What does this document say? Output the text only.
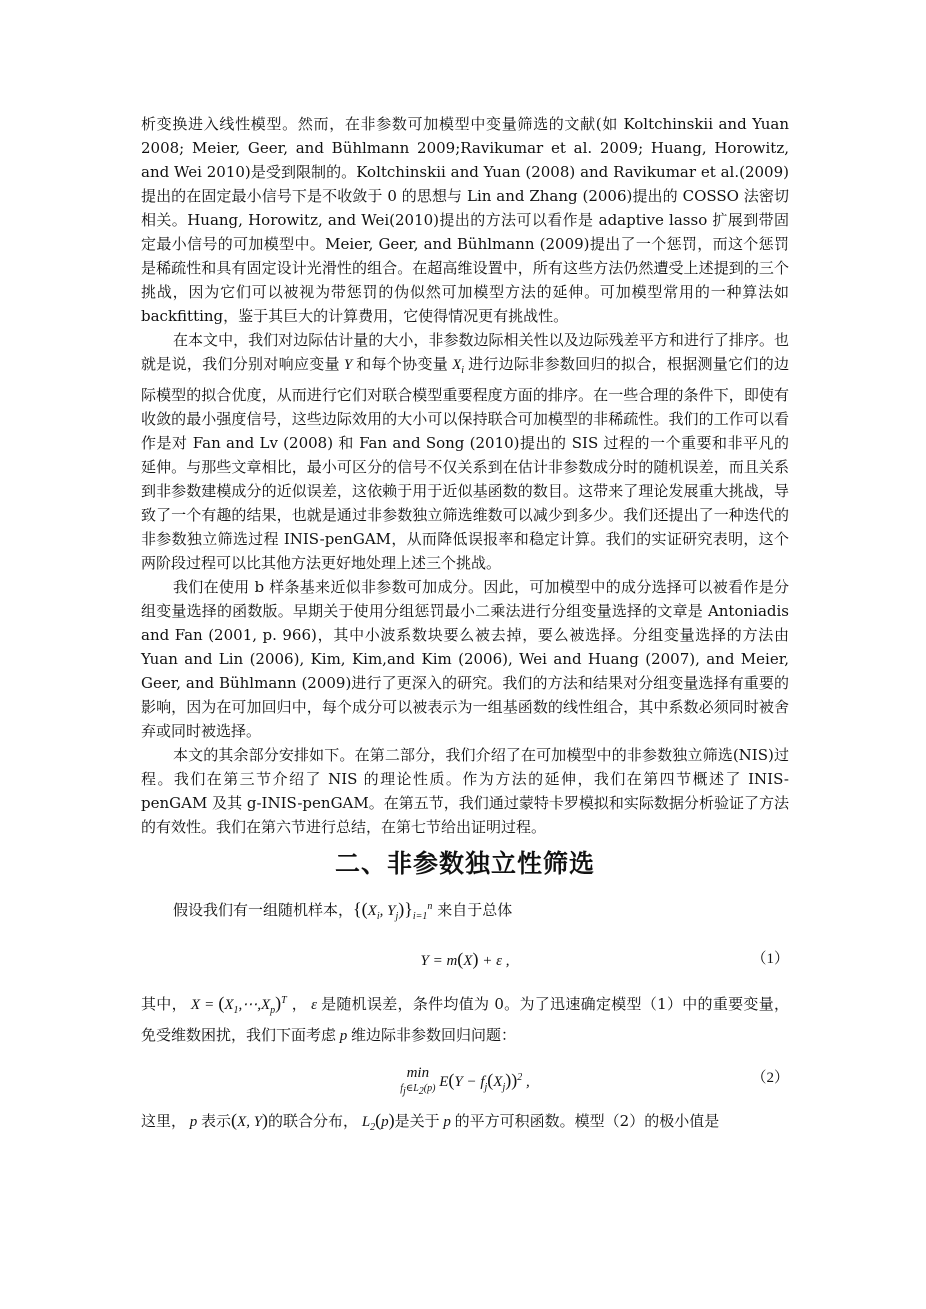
析变换进入线性模型。然而，在非参数可加模型中变量筛选的文献(如 Koltchinskii and Yuan 2008; Meier, Geer, and Bühlmann 2009;Ravikumar et al. 2009; Huang, Horowitz, and Wei 2010)是受到限制的。Koltchinskii and Yuan (2008) and Ravikumar et al.(2009)提出的在固定最小信号下是不收敛于 0 的思想与 Lin and Zhang (2006)提出的 COSSO 法密切相关。Huang, Horowitz, and Wei(2010)提出的方法可以看作是 adaptive lasso 扩展到带固定最小信号的可加模型中。Meier, Geer, and Bühlmann (2009)提出了一个惩罚，而这个惩罚是稀疏性和具有固定设计光滑性的组合。在超高维设置中，所有这些方法仍然遭受上述提到的三个挑战，因为它们可以被视为带惩罚的伪似然可加模型方法的延伸。可加模型常用的一种算法如 backfitting，鉴于其巨大的计算费用，它使得情况更有挑战性。

在本文中，我们对边际估计量的大小，非参数边际相关性以及边际残差平方和进行了排序。也就是说，我们分别对响应变量 Y 和每个协变量 $X_i$ 进行边际非参数回归的拟合，根据测量它们的边际模型的拟合优度，从而进行它们对联合模型重要程度方面的排序。在一些合理的条件下，即使有收敛的最小强度信号，这些边际效用的大小可以保持联合可加模型的非稀疏性。我们的工作可以看作是对 Fan and Lv (2008) 和 Fan and Song (2010)提出的 SIS 过程的一个重要和非平凡的延伸。与那些文章相比，最小可区分的信号不仅关系到在估计非参数成分时的随机误差，而且关系到非参数建模成分的近似误差，这依赖于用于近似基函数的数目。这带来了理论发展重大挑战，导致了一个有趣的结果，也就是通过非参数独立筛选维数可以减少到多少。我们还提出了一种迭代的非参数独立筛选过程 INIS-penGAM，从而降低误报率和稳定计算。我们的实证研究表明，这个两阶段过程可以比其他方法更好地处理上述三个挑战。

我们在使用 b 样条基来近似非参数可加成分。因此，可加模型中的成分选择可以被看作是分组变量选择的函数版。早期关于使用分组惩罚最小二乘法进行分组变量选择的文章是 Antoniadis and Fan (2001, p. 966)，其中小波系数块要么被去掉，要么被选择。分组变量选择的方法由 Yuan and Lin (2006), Kim, Kim,and Kim (2006), Wei and Huang (2007), and Meier, Geer, and Bühlmann (2009)进行了更深入的研究。我们的方法和结果对分组变量选择有重要的影响，因为在可加回归中，每个成分可以被表示为一组基函数的线性组合，其中系数必须同时被舍弃或同时被选择。

本文的其余部分安排如下。在第二部分，我们介绍了在可加模型中的非参数独立筛选(NIS)过程。我们在第三节介绍了 NIS 的理论性质。作为方法的延伸，我们在第四节概述了 INIS-penGAM 及其 g-INIS-penGAM。在第五节，我们通过蒙特卡罗模拟和实际数据分析验证了方法的有效性。我们在第六节进行总结，在第七节给出证明过程。

二、非参数独立性筛选

假设我们有一组随机样本，{($X_i$, $Y_j)\}_{i=1}^n$ 来自于总体

Y = m(X) + ε ,	（1）

其中， $X = (X_1,\cdots,X_p)^T$ ， ε 是随机误差，条件均值为 0。为了迅速确定模型（1）中的重要变量，免受维数困扰，我们下面考虑 p 维边际非参数回归问题：

min
$f_j\in L_2(p) E(Y - f_j(X_j))^2$ ,	（2）

这里， p 表示(X, Y)的联合分布， $L_2(p)$是关于 p 的平方可积函数。模型（2）的极小值是
